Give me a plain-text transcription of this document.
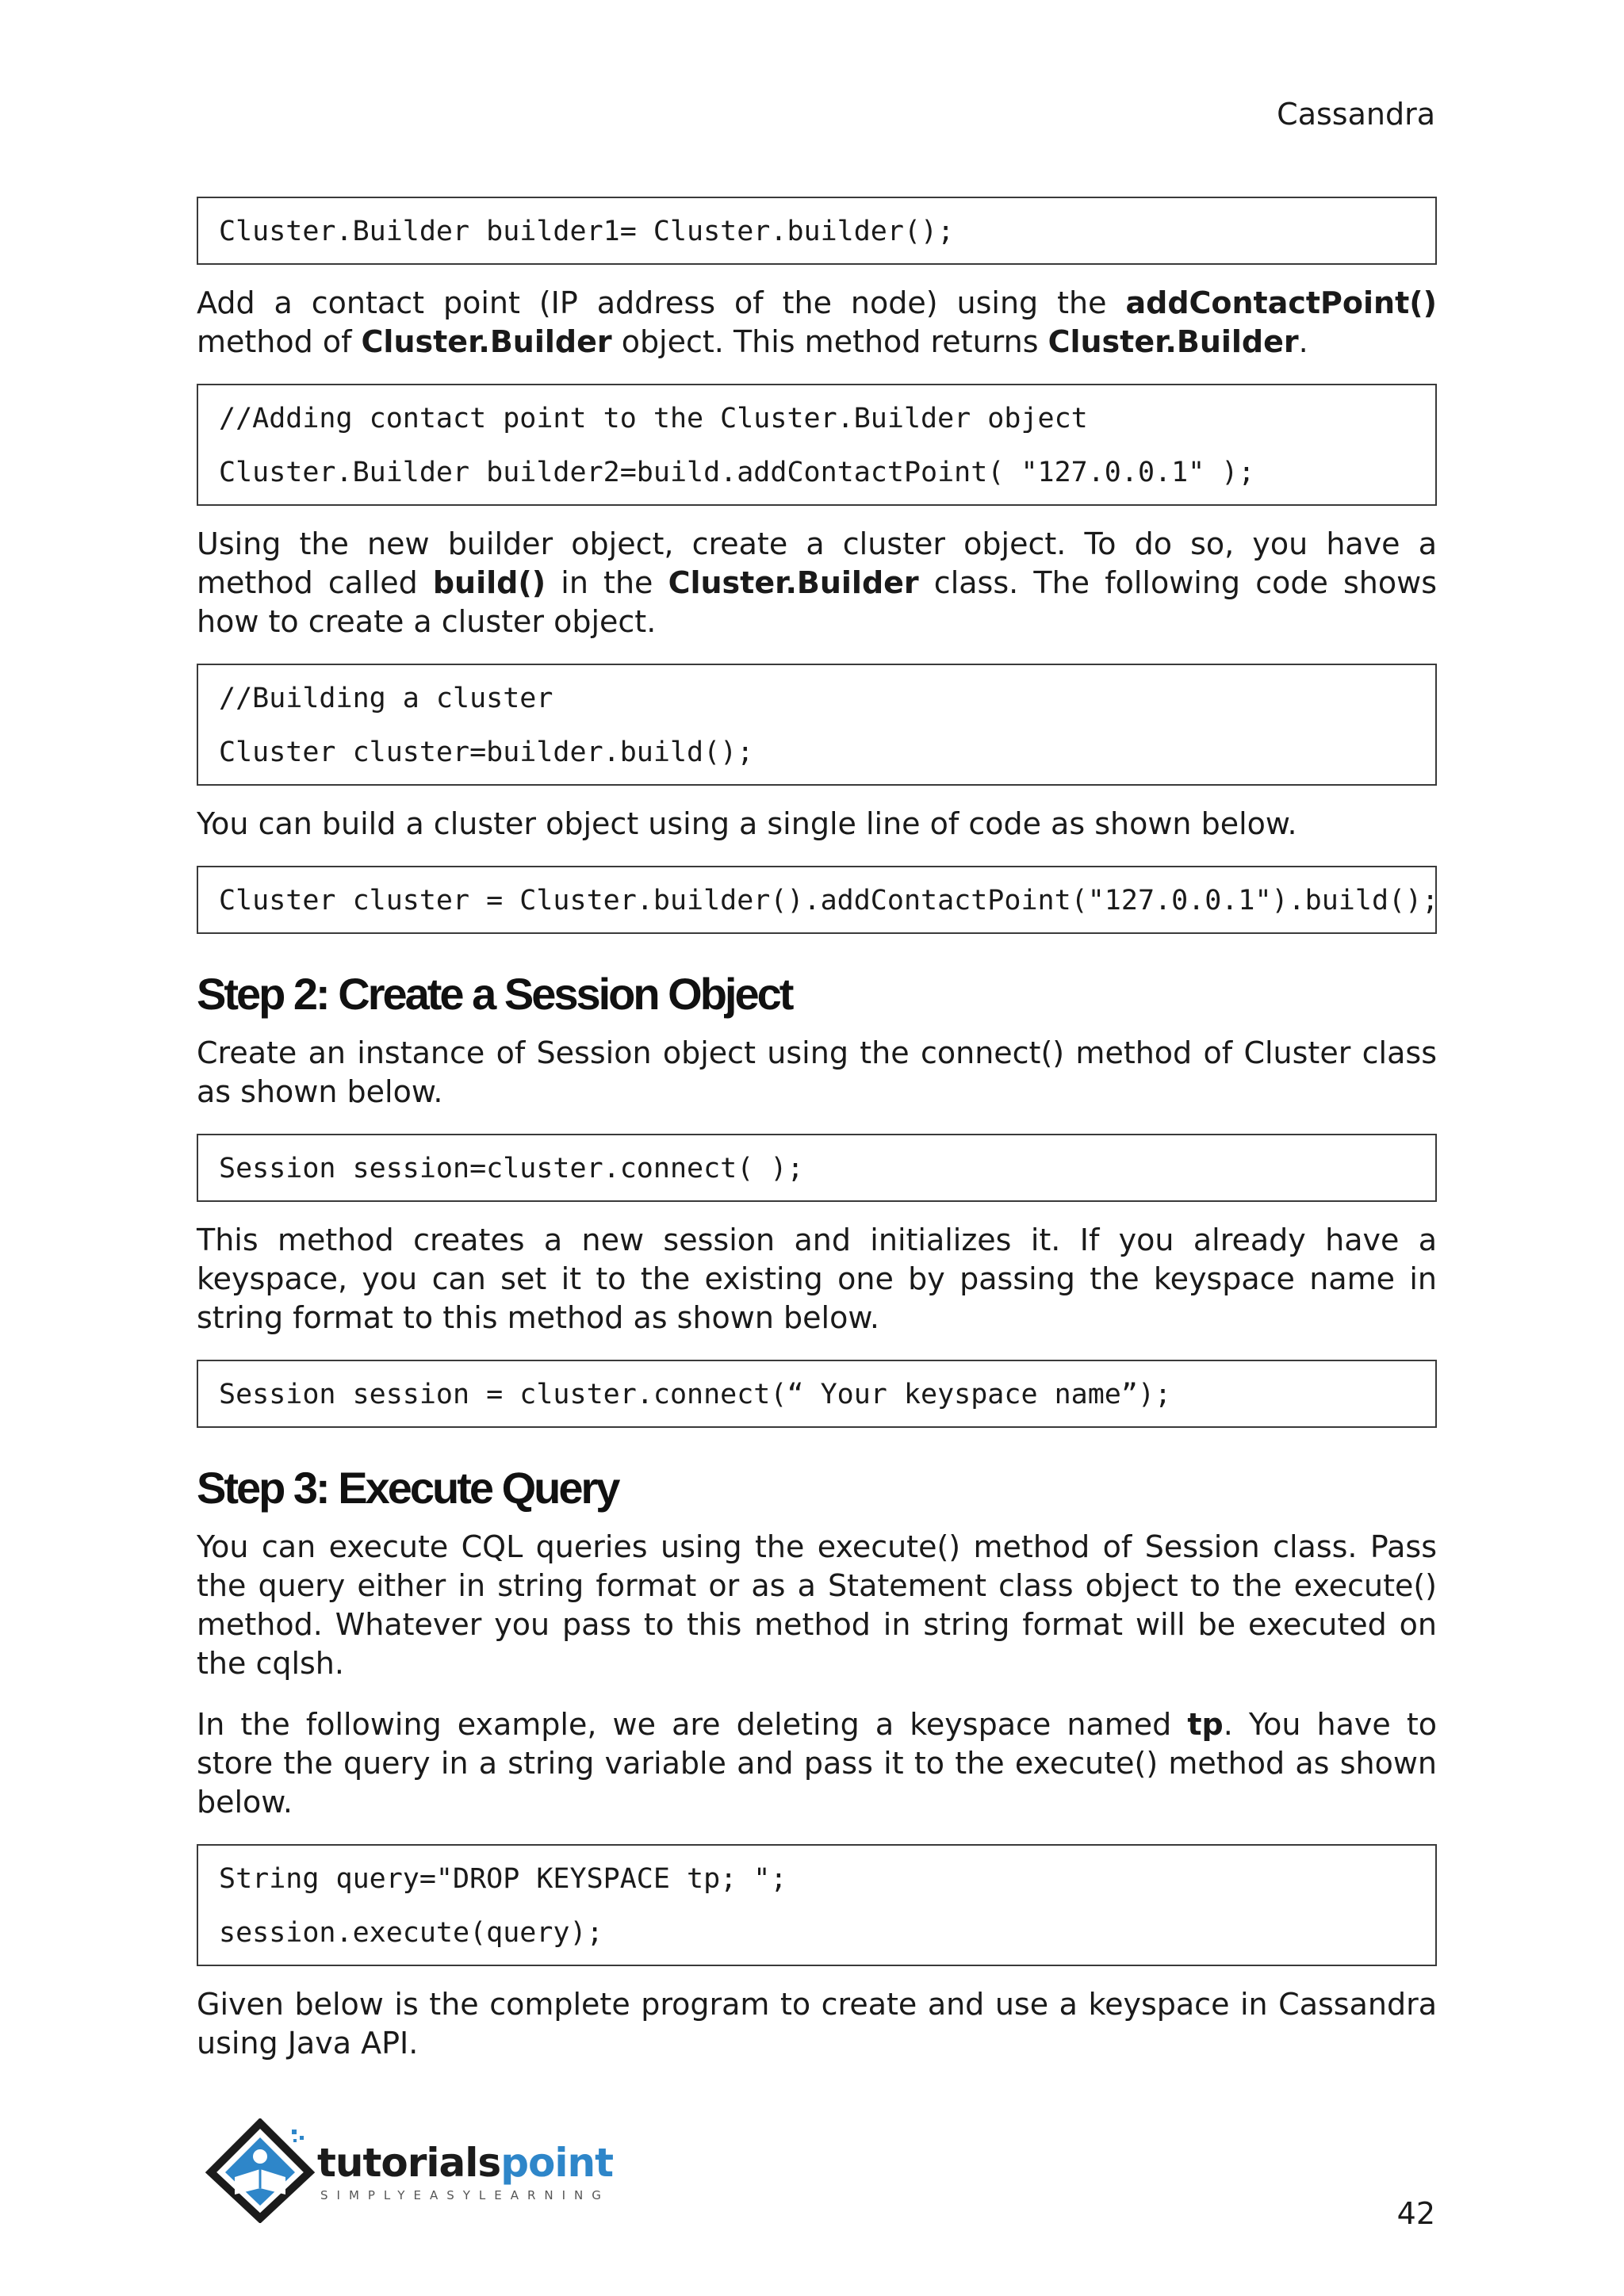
Cassandra

Cluster.Builder builder1= Cluster.builder();

Add a contact point (IP address of the node) using the addContactPoint() method of Cluster.Builder object. This method returns Cluster.Builder.

//Adding contact point to the Cluster.Builder object

Cluster.Builder builder2=build.addContactPoint( "127.0.0.1" );

Using the new builder object, create a cluster object. To do so, you have a method called build() in the Cluster.Builder class. The following code shows how to create a cluster object.

//Building a cluster

Cluster cluster=builder.build();

You can build a cluster object using a single line of code as shown below.

Cluster cluster = Cluster.builder().addContactPoint("127.0.0.1").build();

Step 2: Create a Session Object

Create an instance of Session object using the connect() method of Cluster class as shown below.

Session session=cluster.connect( );

This method creates a new session and initializes it. If you already have a keyspace, you can set it to the existing one by passing the keyspace name in string format to this method as shown below.

Session session = cluster.connect(“ Your keyspace name”);

Step 3: Execute Query

You can execute CQL queries using the execute() method of Session class. Pass the query either in string format or as a Statement class object to the execute() method. Whatever you pass to this method in string format will be executed on the cqlsh.

In the following example, we are deleting a keyspace named tp. You have to store the query in a string variable and pass it to the execute() method as shown below.

String query="DROP KEYSPACE tp; ";

session.execute(query);

Given below is the complete program to create and use a keyspace in Cassandra using Java API.

tutorialspoint
SIMPLYEASYLEARNING
42
